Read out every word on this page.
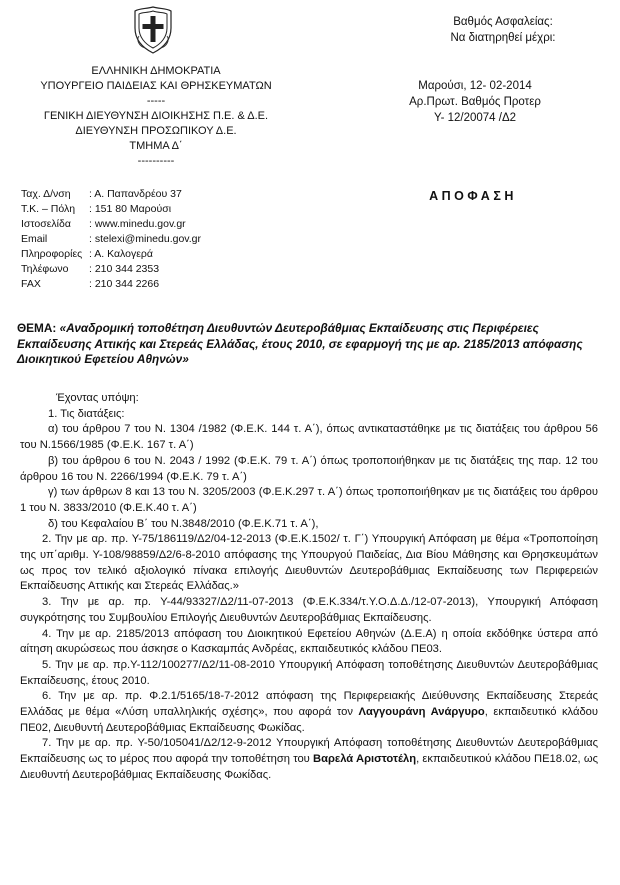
ΕΛΛΗΝΙΚΗ ΔΗΜΟΚΡΑΤΙΑ
ΥΠΟΥΡΓΕΙΟ ΠΑΙΔΕΙΑΣ ΚΑΙ ΘΡΗΣΚΕΥΜΑΤΩΝ
-----
ΓΕΝΙΚΗ ΔΙΕΥΘΥΝΣΗ ΔΙΟΙΚΗΣΗΣ Π.Ε. & Δ.Ε.
ΔΙΕΥΘΥΝΣΗ ΠΡΟΣΩΠΙΚΟΥ Δ.Ε.
ΤΜΗΜΑ Δ΄
----------
Βαθμός Ασφαλείας:
Να διατηρηθεί μέχρι:
Μαρούσι, 12- 02-2014
Αρ.Πρωτ. Βαθμός Προτερ
Υ- 12/20074 /Δ2
ΑΠΟΦΑΣΗ
Ταχ. Δ/νση : Α. Παπανδρέου 37
Τ.Κ. – Πόλη : 151 80 Μαρούσι
Ιστοσελίδα : www.minedu.gov.gr
Email	: stelexi@minedu.gov.gr
Πληροφορίες : Α. Καλογερά
Τηλέφωνο : 210 344 2353
FAX	: 210 344 2266
ΘΕΜΑ: «Αναδρομική τοποθέτηση Διευθυντών Δευτεροβάθμιας Εκπαίδευσης στις Περιφέρειες Εκπαίδευσης Αττικής και Στερεάς Ελλάδας, έτους 2010, σε εφαρμογή της με αρ. 2185/2013 απόφασης Διοικητικού Εφετείου Αθηνών»

Έχοντας υπόψη:

1. Τις διατάξεις:

α) του άρθρου 7 του Ν. 1304 /1982 (Φ.Ε.Κ. 144 τ. Α΄), όπως αντικαταστάθηκε με τις διατάξεις του άρθρου 56 του Ν.1566/1985 (Φ.Ε.Κ. 167 τ. Α΄)

β) του άρθρου 6 του Ν. 2043 / 1992 (Φ.Ε.Κ. 79 τ. Α΄) όπως τροποποιήθηκαν με τις διατάξεις της παρ. 12 του άρθρου 16 του Ν. 2266/1994 (Φ.Ε.Κ. 79 τ. Α΄)

γ) των άρθρων 8 και 13 του Ν. 3205/2003 (Φ.Ε.Κ.297 τ. Α΄) όπως τροποποιήθηκαν με τις διατάξεις του άρθρου 1 του Ν. 3833/2010 (Φ.Ε.Κ.40 τ. Α΄)

δ) του Κεφαλαίου Β΄ του Ν.3848/2010 (Φ.Ε.Κ.71 τ. Α΄),

2. Την με αρ. πρ. Υ-75/186119/Δ2/04-12-2013 (Φ.Ε.Κ.1502/ τ. Γ΄) Υπουργική Απόφαση με θέμα «Τροποποίηση της υπ΄αριθμ. Υ-108/98859/Δ2/6-8-2010 απόφασης της Υπουργού Παιδείας, Δια Βίου Μάθησης και Θρησκευμάτων ως προς τον τελικό αξιολογικό πίνακα επιλογής Διευθυντών Δευτεροβάθμιας Εκπαίδευσης των Περιφερειών Εκπαίδευσης Αττικής και Στερεάς Ελλάδας.»

3. Την με αρ. πρ. Υ-44/93327/Δ2/11-07-2013 (Φ.Ε.Κ.334/τ.Υ.Ο.Δ.Δ./12-07-2013), Υπουργική Απόφαση συγκρότησης του Συμβουλίου Επιλογής Διευθυντών Δευτεροβάθμιας Εκπαίδευσης.

4. Την με αρ. 2185/2013 απόφαση του Διοικητικού Εφετείου Αθηνών (Δ.Ε.Α) η οποία εκδόθηκε ύστερα από αίτηση ακυρώσεως που άσκησε ο Κασκαμπάς Ανδρέας, εκπαιδευτικός κλάδου ΠΕ03.

5. Την με αρ. πρ.Υ-112/100277/Δ2/11-08-2010 Υπουργική Απόφαση τοποθέτησης Διευθυντών Δευτεροβάθμιας Εκπαίδευσης, έτους 2010.

6. Την με αρ. πρ. Φ.2.1/5165/18-7-2012 απόφαση της Περιφερειακής Διεύθυνσης Εκπαίδευσης Στερεάς Ελλάδας με θέμα «Λύση υπαλληλικής σχέσης», που αφορά τον Λαγγουράνη Ανάργυρο, εκπαιδευτικό κλάδου ΠΕ02, Διευθυντή Δευτεροβάθμιας Εκπαίδευσης Φωκίδας.

7. Την με αρ. πρ. Υ-50/105041/Δ2/12-9-2012 Υπουργική Απόφαση τοποθέτησης Διευθυντών Δευτεροβάθμιας Εκπαίδευσης ως το μέρος που αφορά την τοποθέτηση του Βαρελά Αριστοτέλη, εκπαιδευτικού κλάδου ΠΕ18.02, ως Διευθυντή Δευτεροβάθμιας Εκπαίδευσης Φωκίδας.
